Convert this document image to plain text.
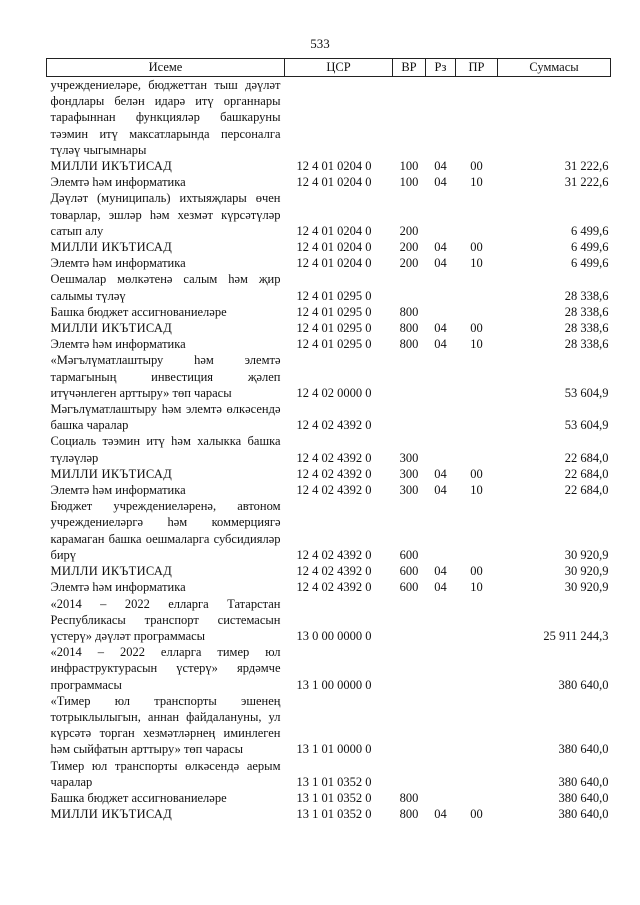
533
Исеме	ЦСР	ВР	Рз	ПР	Суммасы
учреждениеләре, бюджеттан тыш дәүләт фондлары белән идарә итү органнары тарафыннан функцияләр башкаруны тәэмин итү максатларында персоналга түләү чыгымнары					
МИЛЛИ ИКЪТИСАД	12 4 01 0204 0	100	04	00	31 222,6
Элемтә һәм информатика	12 4 01 0204 0	100	04	10	31 222,6
Дәүләт (муниципаль) ихтыяҗлары өчен товарлар, эшләр һәм хезмәт күрсәтүләр сатып алу	12 4 01 0204 0	200			6 499,6
МИЛЛИ ИКЪТИСАД	12 4 01 0204 0	200	04	00	6 499,6
Элемтә һәм информатика	12 4 01 0204 0	200	04	10	6 499,6
Оешмалар мөлкәтенә салым һәм җир салымы түләү	12 4 01 0295 0				28 338,6
Башка бюджет ассигнованиеләре	12 4 01 0295 0	800			28 338,6
МИЛЛИ ИКЪТИСАД	12 4 01 0295 0	800	04	00	28 338,6
Элемтә һәм информатика	12 4 01 0295 0	800	04	10	28 338,6
«Мәгълүматлаштыру һәм элемтә тармагының инвестиция җәлеп итүчәнлеген арттыру» төп чарасы	12 4 02 0000 0				53 604,9
Мәгълүматлаштыру һәм элемтә өлкәсендә башка чаралар	12 4 02 4392 0				53 604,9
Социаль тәэмин итү һәм халыкка башка түләүләр	12 4 02 4392 0	300			22 684,0
МИЛЛИ ИКЪТИСАД	12 4 02 4392 0	300	04	00	22 684,0
Элемтә һәм информатика	12 4 02 4392 0	300	04	10	22 684,0
Бюджет учреждениеләренә, автоном учреждениеләргә һәм коммерциягә карамаган башка оешмаларга субсидияләр бирү	12 4 02 4392 0	600			30 920,9
МИЛЛИ ИКЪТИСАД	12 4 02 4392 0	600	04	00	30 920,9
Элемтә һәм информатика	12 4 02 4392 0	600	04	10	30 920,9
«2014 – 2022 елларга Татарстан Республикасы транспорт системасын үстерү» дәүләт программасы	13 0 00 0000 0				25 911 244,3
«2014 – 2022 елларга тимер юл инфраструктурасын үстерү» ярдәмче программасы	13 1 00 0000 0				380 640,0
«Тимер юл транспорты эшенең тотрыклылыгын, аннан файдалануны, ул күрсәтә торган хезмәтләрнең иминлеген һәм сыйфатын арттыру» төп чарасы	13 1 01 0000 0				380 640,0
Тимер юл транспорты өлкәсендә аерым чаралар	13 1 01 0352 0				380 640,0
Башка бюджет ассигнованиеләре	13 1 01 0352 0	800			380 640,0
МИЛЛИ ИКЪТИСАД	13 1 01 0352 0	800	04	00	380 640,0
